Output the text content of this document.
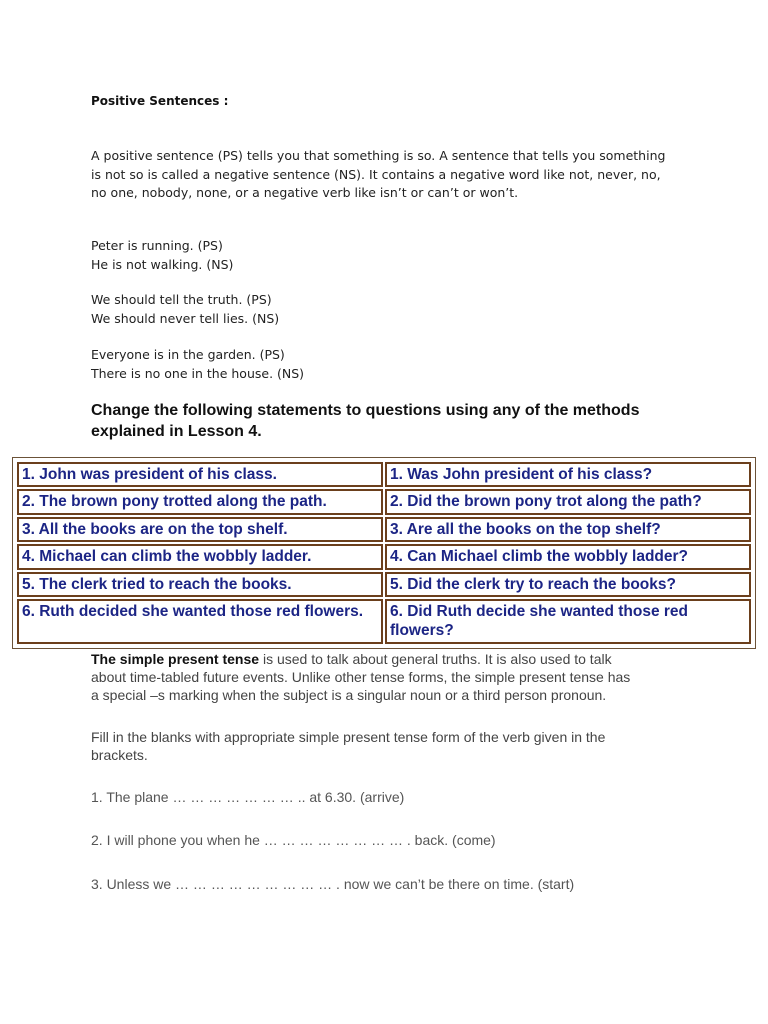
Positive Sentences :

A positive sentence (PS) tells you that something is so. A sentence that tells you something

is not so is called a negative sentence (NS). It contains a negative word like not, never, no,

no one, nobody, none, or a negative verb like isn’t or can’t or won’t.

Peter is running. (PS)

He is not walking. (NS)

We should tell the truth. (PS)

We should never tell lies. (NS)

Everyone is in the garden. (PS)

There is no one in the house. (NS)

Change the following statements to questions using any of the methods

explained in Lesson 4.

1. John was president of his class.	1. Was John president of his class?
2. The brown pony trotted along the path.	2. Did the brown pony trot along the path?
3. All the books are on the top shelf.	3. Are all the books on the top shelf?
4. Michael can climb the wobbly ladder.	4. Can Michael climb the wobbly ladder?
5. The clerk tried to reach the books.	5. Did the clerk try to reach the books?
6. Ruth decided she wanted those red flowers.	6. Did Ruth decide she wanted those red flowers?

The simple present tense is used to talk about general truths. It is also used to talk

about time-tabled future events. Unlike other tense forms, the simple present tense has

a special –s marking when the subject is a singular noun or a third person pronoun.

Fill in the blanks with appropriate simple present tense form of the verb given in the

brackets.

1. The plane … … … … … … … .. at 6.30. (arrive)
2. I will phone you when he … … … … … … … … . back. (come)
3. Unless we … … … … … … … … … . now we can’t be there on time. (start)
